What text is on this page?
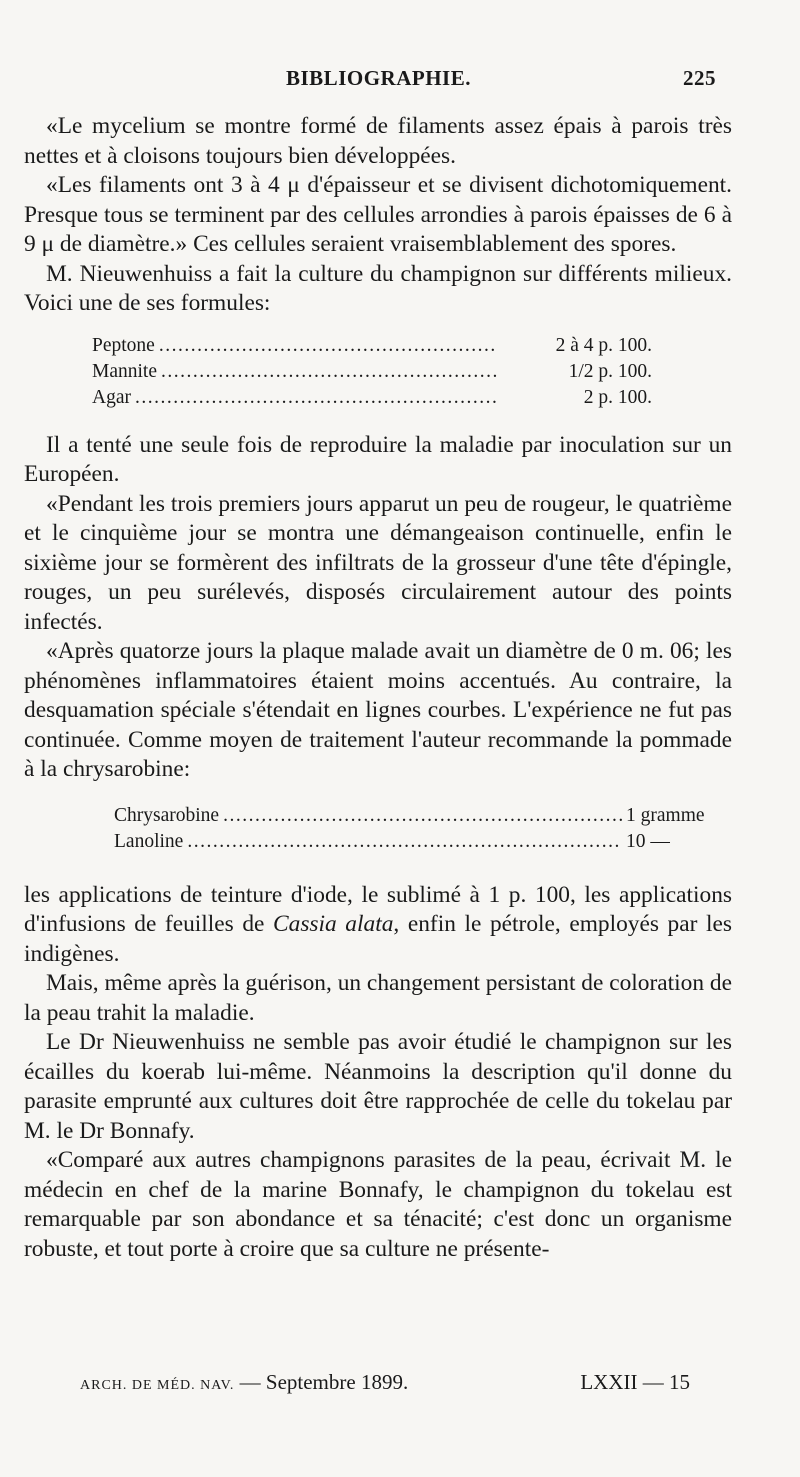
BIBLIOGRAPHIE.	225

«Le mycelium se montre formé de filaments assez épais à parois très nettes et à cloisons toujours bien développées.

«Les filaments ont 3 à 4 μ d'épaisseur et se divisent dichotomiquement. Presque tous se terminent par des cellules arrondies à parois épaisses de 6 à 9 μ de diamètre.» Ces cellules seraient vraisemblablement des spores.

M. Nieuwenhuiss a fait la culture du champignon sur différents milieux. Voici une de ses formules:

Peptone .....	2 à 4 p. 100.
Mannite .....	1/2 p. 100.
Agar .....	2 p. 100.

Il a tenté une seule fois de reproduire la maladie par inoculation sur un Européen.

«Pendant les trois premiers jours apparut un peu de rougeur, le quatrième et le cinquième jour se montra une démangeaison continuelle, enfin le sixième jour se formèrent des infiltrats de la grosseur d'une tête d'épingle, rouges, un peu surélevés, disposés circulairement autour des points infectés.

«Après quatorze jours la plaque malade avait un diamètre de 0 m. 06; les phénomènes inflammatoires étaient moins accentués. Au contraire, la desquamation spéciale s'étendait en lignes courbes. L'expérience ne fut pas continuée. Comme moyen de traitement l'auteur recommande la pommade à la chrysarobine:

Chrysarobine .....	1 gramme
Lanoline .....	10 —

les applications de teinture d'iode, le sublimé à 1 p. 100, les applications d'infusions de feuilles de Cassia alata, enfin le pétrole, employés par les indigènes.

Mais, même après la guérison, un changement persistant de coloration de la peau trahit la maladie.

Le Dr Nieuwenhuiss ne semble pas avoir étudié le champignon sur les écailles du koerab lui-même. Néanmoins la description qu'il donne du parasite emprunté aux cultures doit être rapprochée de celle du tokelau par M. le Dr Bonnafy.

«Comparé aux autres champignons parasites de la peau, écrivait M. le médecin en chef de la marine Bonnafy, le champignon du tokelau est remarquable par son abondance et sa ténacité; c'est donc un organisme robuste, et tout porte à croire que sa culture ne présente-

ARCH. DE MÉD. NAV. — Septembre 1899.	LXXII — 15
